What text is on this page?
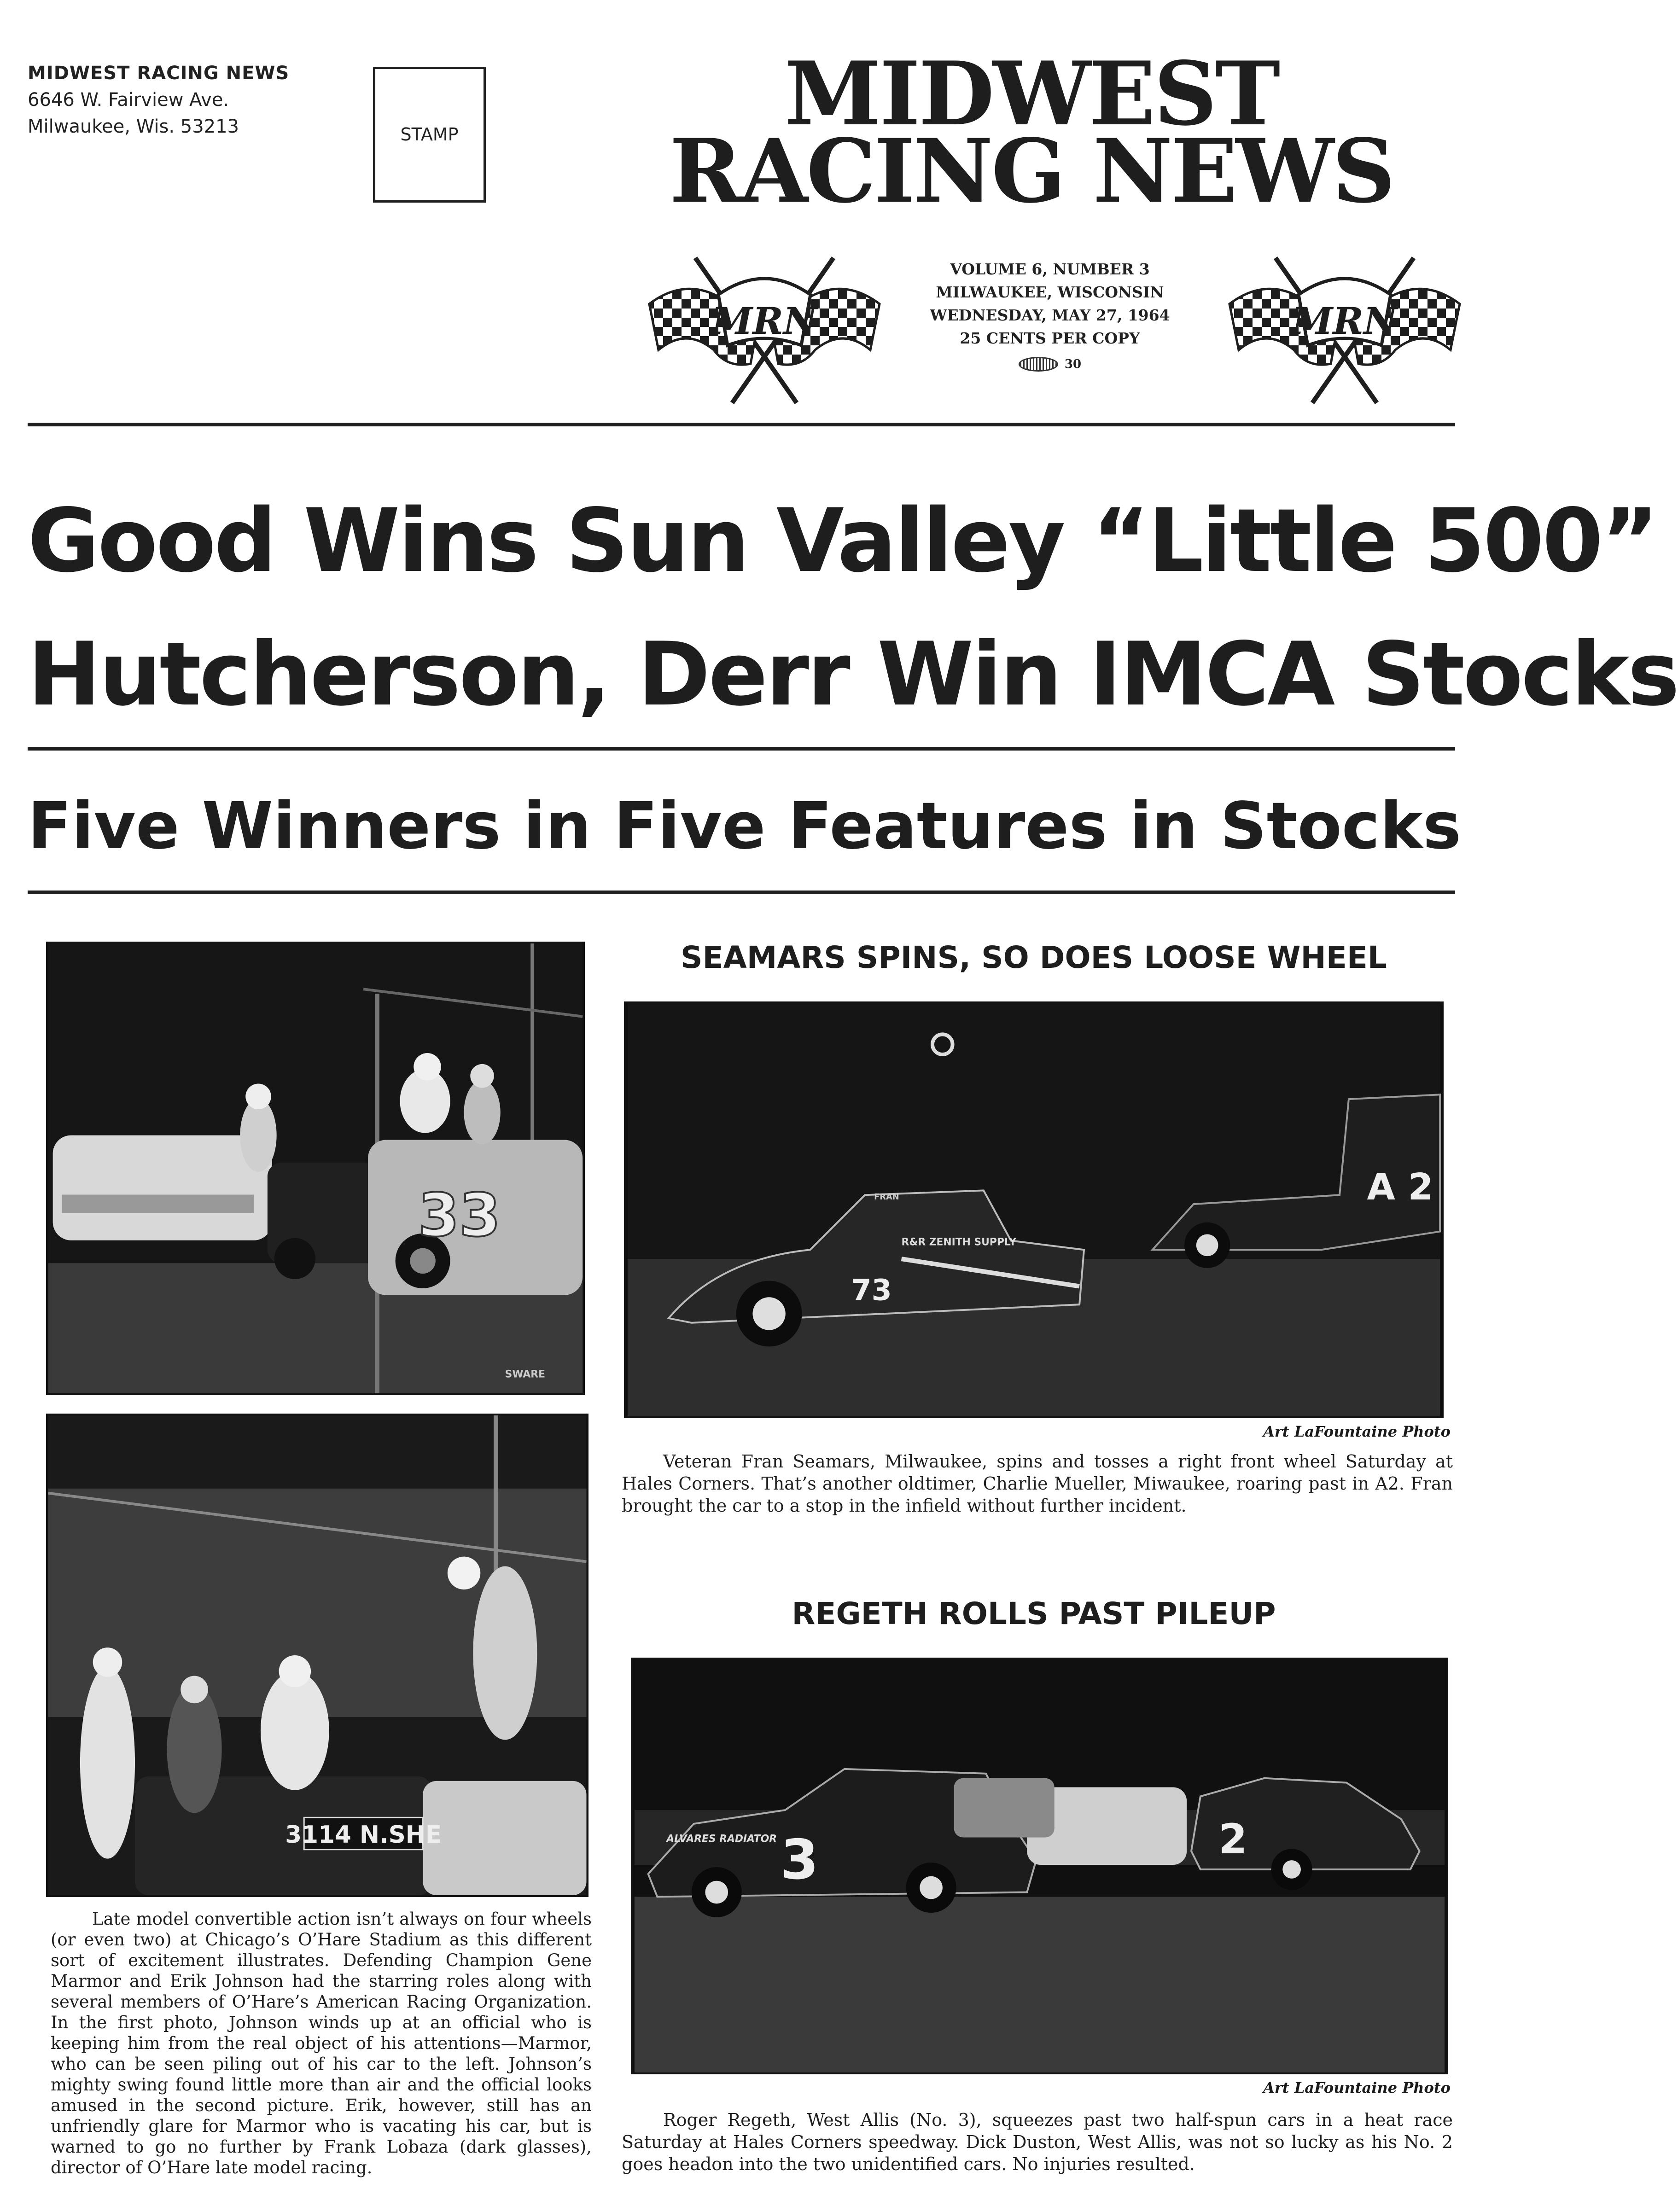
MIDWEST RACING NEWS
6646 W. Fairview Ave.
Milwaukee, Wis. 53213	STAMP	MIDWEST
RACING NEWS
MRN
VOLUME 6, NUMBER 3
MILWAUKEE, WISCONSIN
WEDNESDAY, MAY 27, 1964
25 CENTS PER COPY
30
MRN
Good Wins Sun Valley “Little 500”
Hutcherson, Derr Win IMCA Stocks
Five Winners in Five Features in Stocks
33
SWARE
3114 N.SHE
SEAMARS SPINS, SO DOES LOOSE WHEEL
73
R&R ZENITH SUPPLY
FRAN	A 2
Art LaFountaine Photo
Veteran Fran Seamars, Milwaukee, spins and tosses a right front wheel Saturday at Hales Corners. That’s another oldtimer, Charlie Mueller, Miwaukee, roaring past in A2. Fran brought the car to a stop in the infield without further incident.
REGETH ROLLS PAST PILEUP
3
ALVARES RADIATOR	2
Art LaFountaine Photo
Roger Regeth, West Allis (No. 3), squeezes past two half-spun cars in a heat race Saturday at Hales Corners speedway. Dick Duston, West Allis, was not so lucky as his No. 2 goes headon into the two unidentified cars. No injuries resulted.
Late model convertible action isn’t always on four wheels (or even two) at Chicago’s O’Hare Stadium as this different sort of excitement illustrates. Defending Champion Gene Marmor and Erik Johnson had the starring roles along with several members of O’Hare’s American Racing Organization. In the first photo, Johnson winds up at an official who is keeping him from the real object of his attentions—Marmor, who can be seen piling out of his car to the left. Johnson’s mighty swing found little more than air and the official looks amused in the second picture. Erik, however, still has an unfriendly glare for Marmor who is vacating his car, but is warned to go no further by Frank Lobaza (dark glasses), director of O’Hare late model racing.
